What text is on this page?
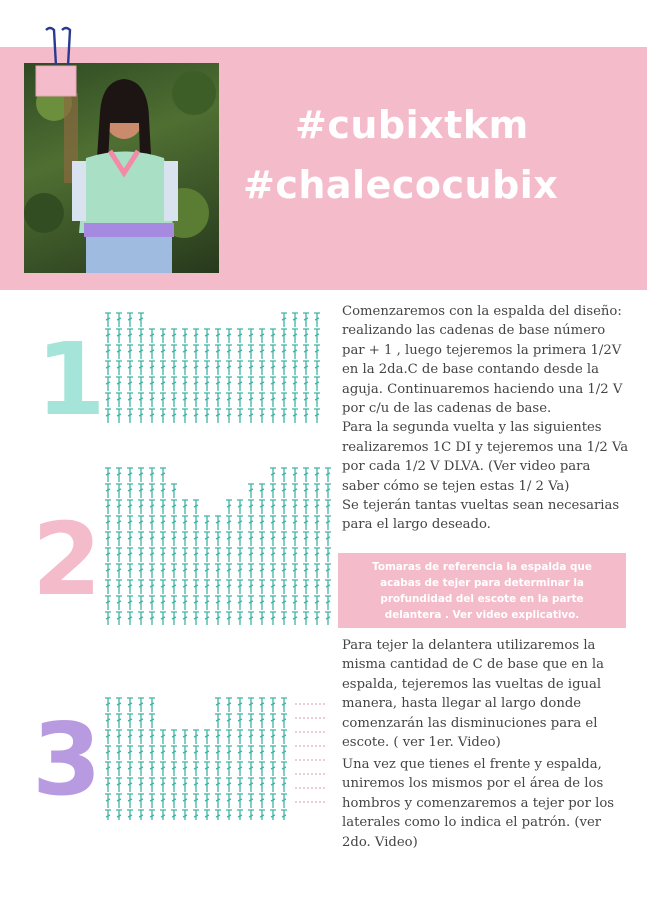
#cubixtkm
#chalecocubix
1
2
3
Comenzaremos con la espalda del diseño: realizando las cadenas de base número par + 1 , luego tejeremos la primera 1/2V en la 2da.C de base contando desde la aguja. Continuaremos haciendo una 1/2 V por c/u de las cadenas de base.
Para la segunda vuelta y las siguientes realizaremos 1C DI y tejeremos una 1/2 Va por cada 1/2 V DLVA. (Ver video para saber cómo se tejen estas 1/ 2 Va)
Se tejerán tantas vueltas sean necesarias para el largo deseado.
Tomaras de referencia la espalda que acabas de tejer para determinar la profundidad del escote en la parte delantera . Ver video explicativo.
Para tejer la delantera utilizaremos la misma cantidad de C de base que en la espalda, tejeremos las vueltas de igual manera, hasta llegar al largo donde comenzarán las disminuciones para el escote. ( ver 1er. Video)
Una vez que tienes el frente y espalda, uniremos los mismos por el área de los hombros y comenzaremos a tejer por los laterales como lo indica el patrón. (ver 2do. Video)
